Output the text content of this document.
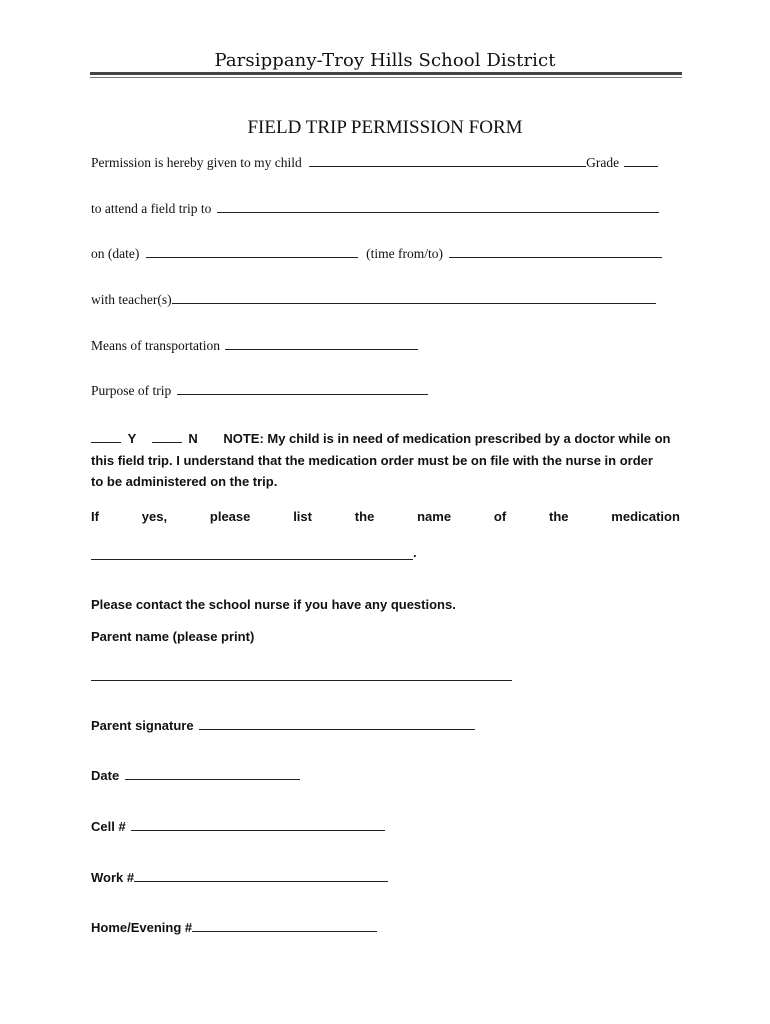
Parsippany-Troy Hills School District
FIELD TRIP PERMISSION FORM
Permission is hereby given to my child	Grade
to attend a field trip to
on (date)	(time from/to)
with teacher(s)
Means of transportation
Purpose of trip
Y	N NOTE: My child is in need of medication prescribed by a doctor while on
this field trip. I understand that the medication order must be on file with the nurse in order
to be administered on the trip.
If	yes,	please	list	the	name	of	the	medication
.
Please contact the school nurse if you have any questions.
Parent name (please print)
Parent signature
Date
Cell #
Work #
Home/Evening #
